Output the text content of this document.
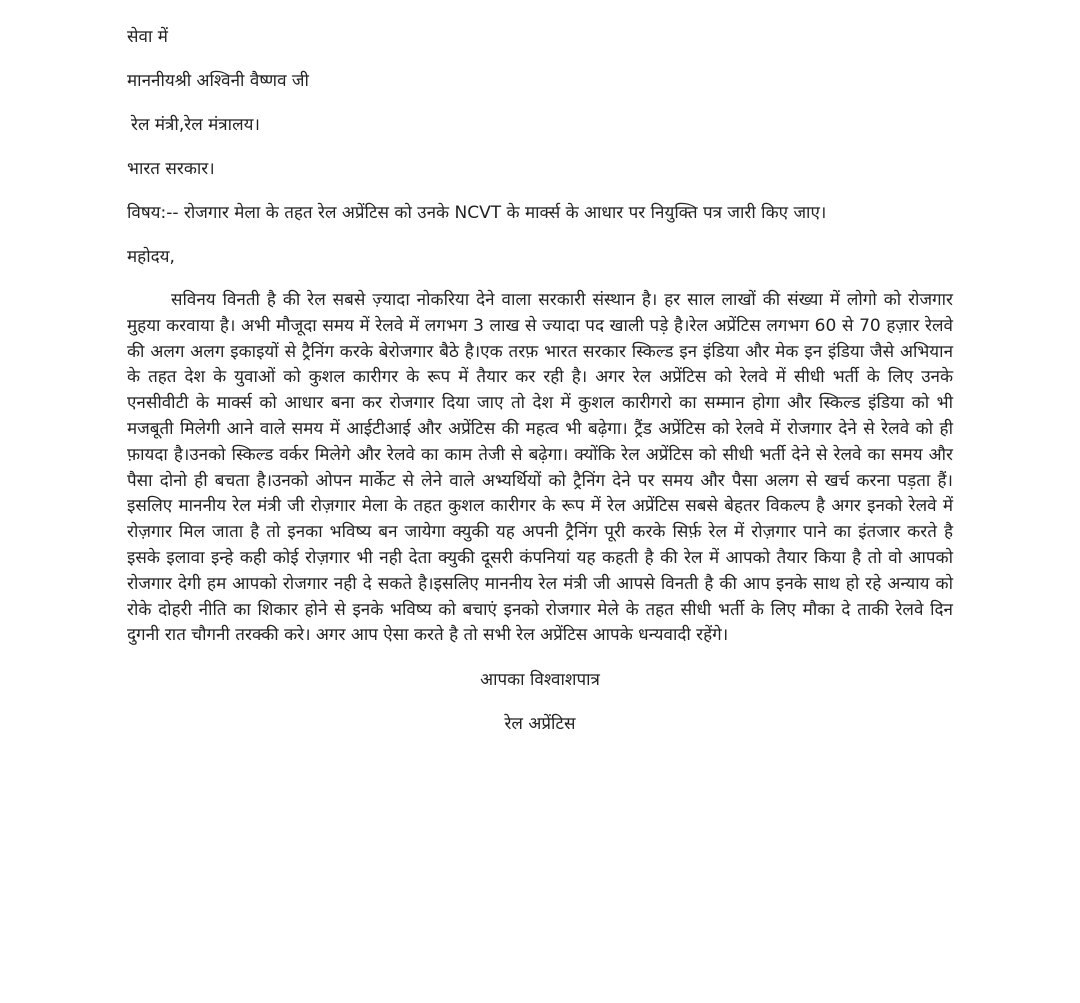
सेवा में
माननीयश्री अश्विनी वैष्णव जी
रेल मंत्री,रेल मंत्रालय।
भारत सरकार।
विषय:-- रोजगार मेला के तहत रेल अप्रेंटिस को उनके NCVT के मार्क्स के आधार पर नियुक्ति पत्र जारी किए जाए।
महोदय,

सविनय विनती है की रेल सबसे ज़्यादा नोकरिया देने वाला सरकारी संस्थान है। हर साल लाखों की संख्या में लोगो को रोजगार मुहया करवाया है। अभी मौजूदा समय में रेलवे में लगभग 3 लाख से ज्यादा पद खाली पड़े है।रेल अप्रेंटिस लगभग 60 से 70 हज़ार रेलवे की अलग अलग इकाइयों से ट्रैनिंग करके बेरोजगार बैठे है।एक तरफ़ भारत सरकार स्किल्ड इन इंडिया और मेक इन इंडिया जैसे अभियान के तहत देश के युवाओं को कुशल कारीगर के रूप में तैयार कर रही है। अगर रेल अप्रेंटिस को रेलवे में सीधी भर्ती के लिए उनके एनसीवीटी के मार्क्स को आधार बना कर रोजगार दिया जाए तो देश में कुशल कारीगरो का सम्मान होगा और स्किल्ड इंडिया को भी मजबूती मिलेगी आने वाले समय में आईटीआई और अप्रेंटिस की महत्व भी बढ़ेगा। ट्रैंड अप्रेंटिस को रेलवे में रोजगार देने से रेलवे को ही फ़ायदा है।उनको स्किल्ड वर्कर मिलेगे और रेलवे का काम तेजी से बढ़ेगा। क्योंकि रेल अप्रेंटिस को सीधी भर्ती देने से रेलवे का समय और पैसा दोनो ही बचता है।उनको ओपन मार्केट से लेने वाले अभ्यर्थियों को ट्रैनिंग देने पर समय और पैसा अलग से खर्च करना पड़ता हैं।इसलिए माननीय रेल मंत्री जी रोज़गार मेला के तहत कुशल कारीगर के रूप में रेल अप्रेंटिस सबसे बेहतर विकल्प है अगर इनको रेलवे में रोज़गार मिल जाता है तो इनका भविष्य बन जायेगा क्युकी यह अपनी ट्रैनिंग पूरी करके सिर्फ़ रेल में रोज़गार पाने का इंतजार करते है इसके इलावा इन्हे कही कोई रोज़गार भी नही देता क्युकी दूसरी कंपनियां यह कहती है की रेल में आपको तैयार किया है तो वो आपको रोजगार देगी हम आपको रोजगार नही दे सकते है।इसलिए माननीय रेल मंत्री जी आपसे विनती है की आप इनके साथ हो रहे अन्याय को रोके दोहरी नीति का शिकार होने से इनके भविष्य को बचाएं इनको रोजगार मेले के तहत सीधी भर्ती के लिए मौका दे ताकी रेलवे दिन दुगनी रात चौगनी तरक्की करे। अगर आप ऐसा करते है तो सभी रेल अप्रेंटिस आपके धन्यवादी रहेंगे।

आपका विश्वाशपात्र
रेल अप्रेंटिस
